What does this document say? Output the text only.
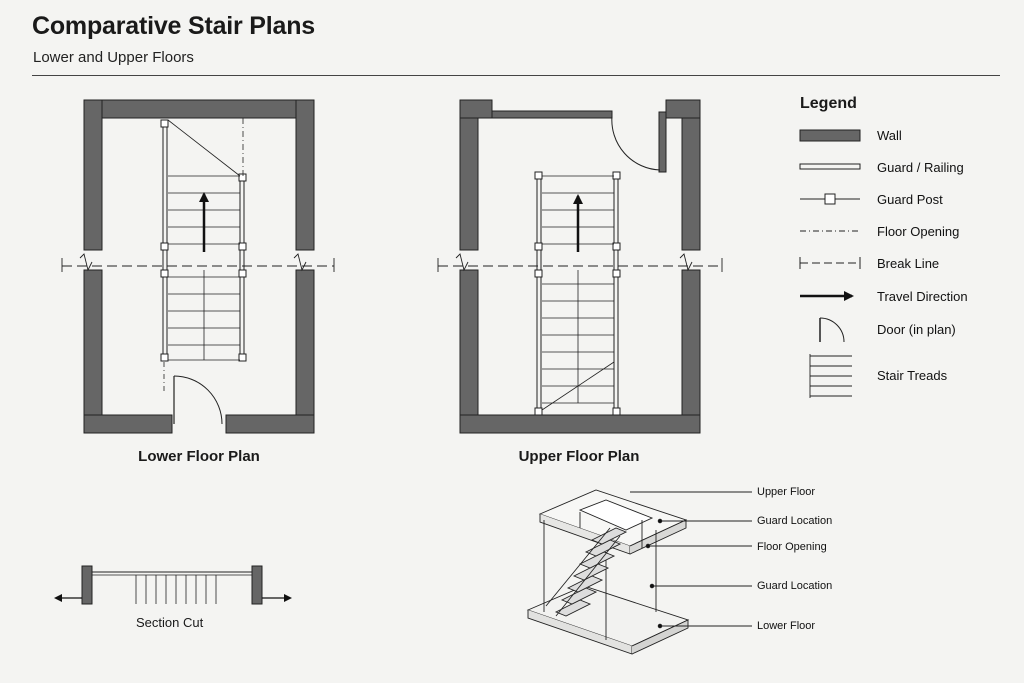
Comparative Stair Plans
Lower and Upper Floors
Lower Floor Plan	Upper Floor Plan
Legend
Wall
Guard / Railing
Guard Post
Floor Opening
Break Line
Travel Direction
Door (in plan)
Stair Treads
Section Cut
Upper Floor
Guard Location
Floor Opening
Guard Location
Lower Floor
